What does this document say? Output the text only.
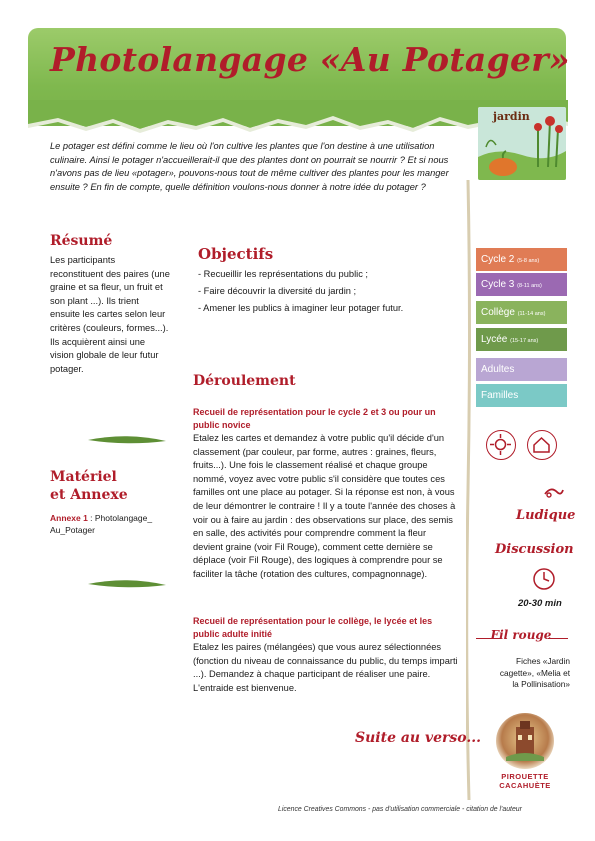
Photolangage «Au Potager»
jardin
Le potager est défini comme le lieu où l'on cultive les plantes que l'on destine à une utilisation culinaire. Ainsi le potager n'accueillerait-il que des plantes dont on pourrait se nourrir ? Et si nous n'avons pas de lieu «potager», pouvons-nous tout de même cultiver des plantes pour les manger ensuite ? En fin de compte, quelle définition voulons-nous donner à notre idée du potager ?
Résumé
Les participants reconstituent des paires (une graine et sa fleur, un fruit et son plant ...). Ils trient ensuite les cartes selon leur critères (couleurs, formes...). Ils acquièrent ainsi une vision globale de leur futur potager.
Matériel
et Annexe
Annexe 1 : Photolangage_ Au_Potager
Objectifs
- Recueillir les représentations du public ;
- Faire découvrir la diversité du jardin ;
- Amener les publics à imaginer leur potager futur.
Déroulement
Recueil de représentation pour le cycle 2 et 3 ou pour un public novice
Etalez les cartes et demandez à votre public qu'il décide d'un classement (par couleur, par forme, autres : graines, fleurs, fruits...). Une fois le classement réalisé et chaque groupe nommé, voyez avec votre public s'il considère que toutes ces familles ont une place au potager. Si la réponse est non, à vous de leur démontrer le contraire ! Il y a toute l'année des choses à voir ou à faire au jardin : des observations sur place, des semis en salle, des activités pour comprendre comment la fleur devient graine (voir Fil Rouge), comment cette dernière se déplace (voir Fil Rouge), des logiques à comprendre pour se faciliter la tâche (rotation des cultures, compagnonnage).
Recueil de représentation pour le collège, le lycée et les public adulte initié
Etalez les paires (mélangées) que vous aurez sélectionnées (fonction du niveau de connaissance du public, du temps imparti ...). Demandez à chaque participant de réaliser une paire. L'entraide est bienvenue.
Suite au verso...
Cycle 2 (5-8 ans)
Cycle 3 (8-11 ans)
Collège (11-14 ans)
Lycée (15-17 ans)
Adultes
Familles
Ludique
Discussion
20-30 min
Fil rouge
Fiches «Jardin cagette», «Melia et la Pollinisation»
PIROUETTE
CACAHUÈTE
Licence Creatives Commons - pas d'utilisation commerciale - citation de l'auteur
